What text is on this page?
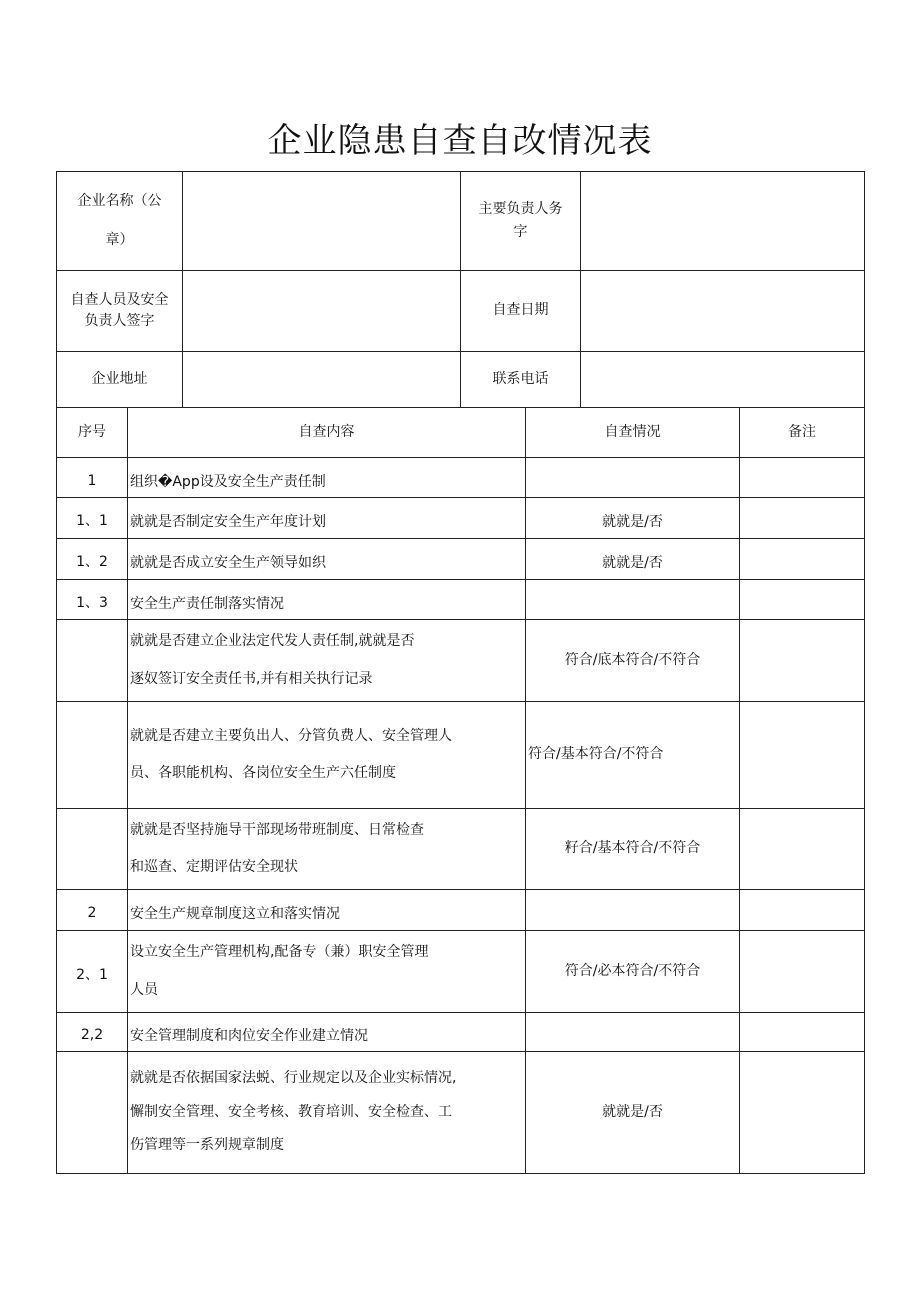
企业隐患自查自改情况表
企业名称（公
章）		主要负责人务
字	

自查人员及安全
负责人签字		自查日期	
企业地址		联系电话	
序号	自查内容	自查情况	备注
1	组织�App设及安全生产责任制		

1、1	就就是否制定安全生产年度计划	就就是/否	
1、2	就就是否成立安全生产领导如织	就就是/否	
1、3	安全生产责任制落实情况		

	就就是否建立企业法定代发人责任制,就就是否
逐奴签订安全责任书,并有相关执行记录	符合/底本符合/不符合	

	就就是否建立主要负出人、分管负费人、安全管理人
员、各职能机构、各岗位安全生产六任制度	符合/基本符合/不符合	

	就就是否坚持施导干部现场带班制度、日常检查
和巡查、定期评估安全现状	籽合/基本符合/不符合	
2	安全生产规章制度这立和落实情况		

2、1	设立安全生产管理机构,配备专（兼）职安全管理
人员	符合/必本符合/不符合	
2,2	安全管理制度和肉位安全作业建立情况		

	就就是否依据国家法蜕、行业规定以及企业实标情况,
懈制安全管理、安全考核、教育培训、安全检查、工
伤管理等一系列规章制度	就就是/否	
